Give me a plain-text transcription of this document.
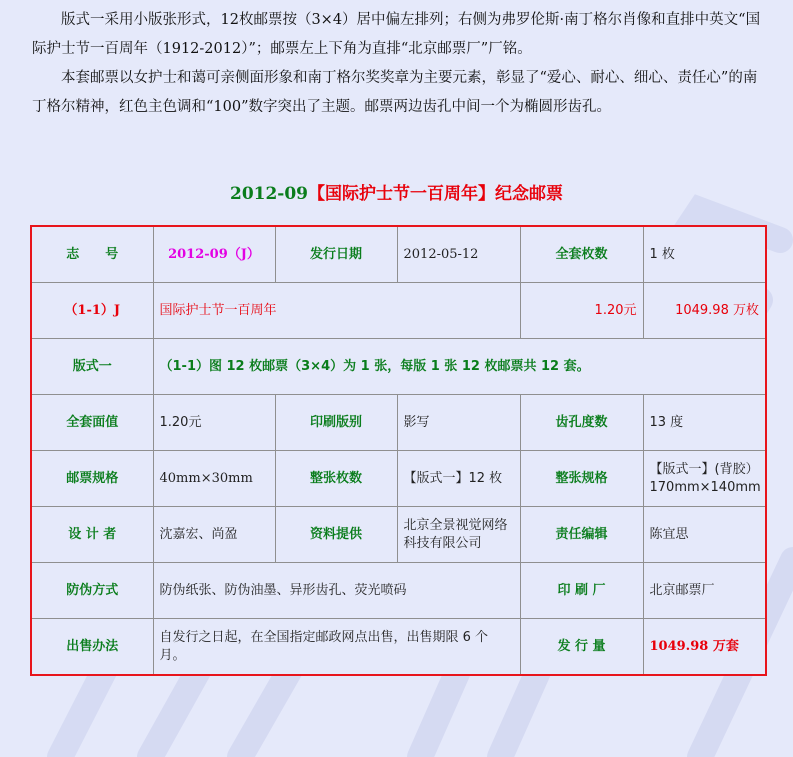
版式一采用小版张形式，12枚邮票按（3×4）居中偏左排列；右侧为弗罗伦斯·南丁格尔肖像和直排中英文“国际护士节一百周年（1912-2012）”；邮票左上下角为直排“北京邮票厂”厂铭。

本套邮票以女护士和蔼可亲侧面形象和南丁格尔奖奖章为主要元素，彰显了“爱心、耐心、细心、责任心”的南丁格尔精神，红色主色调和“100”数字突出了主题。邮票两边齿孔中间一个为椭圆形齿孔。

2012-09【国际护士节一百周年】纪念邮票
志　　号	2012-09（J）	发行日期	2012-05-12	全套枚数	1 枚
（1-1）J	国际护士节一百周年			1.20元	1049.98 万枚
版式一	（1-1）图 12 枚邮票（3×4）为 1 张，每版 1 张 12 枚邮票共 12 套。				
全套面值	1.20元	印刷版别	影写	齿孔度数	13 度
邮票规格	40mm×30mm	整张枚数	【版式一】12 枚	整张规格	【版式一】(背胶） 170mm×140mm
设 计 者	沈嘉宏、尚盈	资料提供	北京全景视觉网络科技有限公司	责任编辑	陈宜思
防伪方式	防伪纸张、防伪油墨、异形齿孔、荧光喷码			印 刷 厂	北京邮票厂
出售办法	自发行之日起，在全国指定邮政网点出售，出售期限 6 个月。			发 行 量	1049.98 万套
